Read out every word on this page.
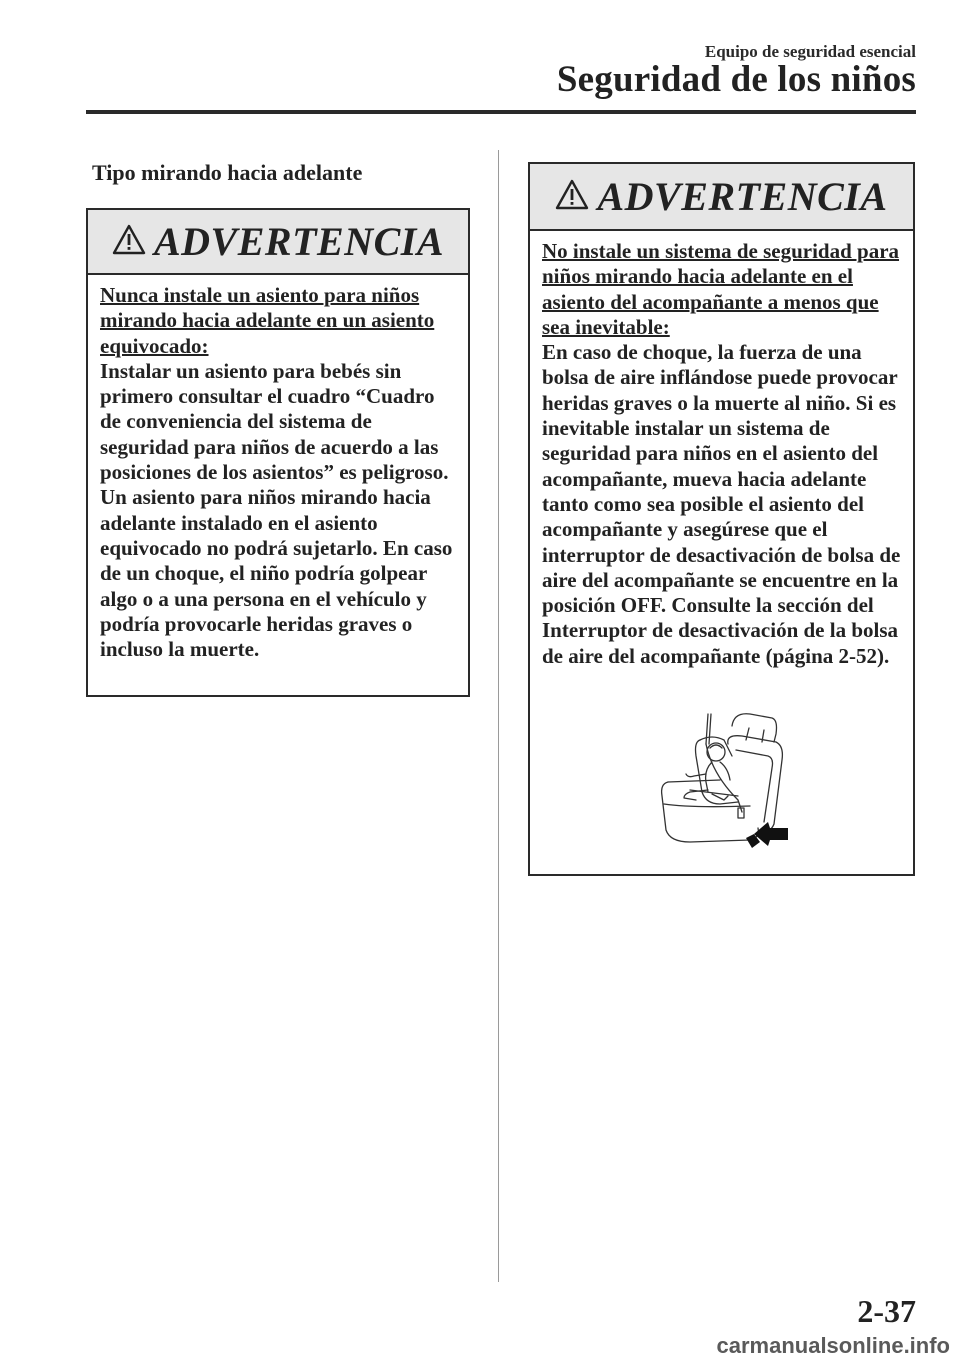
Equipo de seguridad esencial
Seguridad de los niños
Tipo mirando hacia adelante
ADVERTENCIA
Nunca instale un asiento para niños mirando hacia adelante en un asiento equivocado:
Instalar un asiento para bebés sin primero consultar el cuadro “Cuadro de conveniencia del sistema de seguridad para niños de acuerdo a las posiciones de los asientos” es peligroso. Un asiento para niños mirando hacia adelante instalado en el asiento equivocado no podrá sujetarlo. En caso de un choque, el niño podría golpear algo o a una persona en el vehículo y podría provocarle heridas graves o incluso la muerte.
ADVERTENCIA
No instale un sistema de seguridad para niños mirando hacia adelante en el asiento del acompañante a menos que sea inevitable:
En caso de choque, la fuerza de una bolsa de aire inflándose puede provocar heridas graves o la muerte al niño. Si es inevitable instalar un sistema de seguridad para niños en el asiento del acompañante, mueva hacia adelante tanto como sea posible el asiento del acompañante y asegúrese que el interruptor de desactivación de bolsa de aire del acompañante se encuentre en la posición OFF. Consulte la sección del Interruptor de desactivación de la bolsa de aire del acompañante (página 2-52).
2-37
carmanualsonline.info
